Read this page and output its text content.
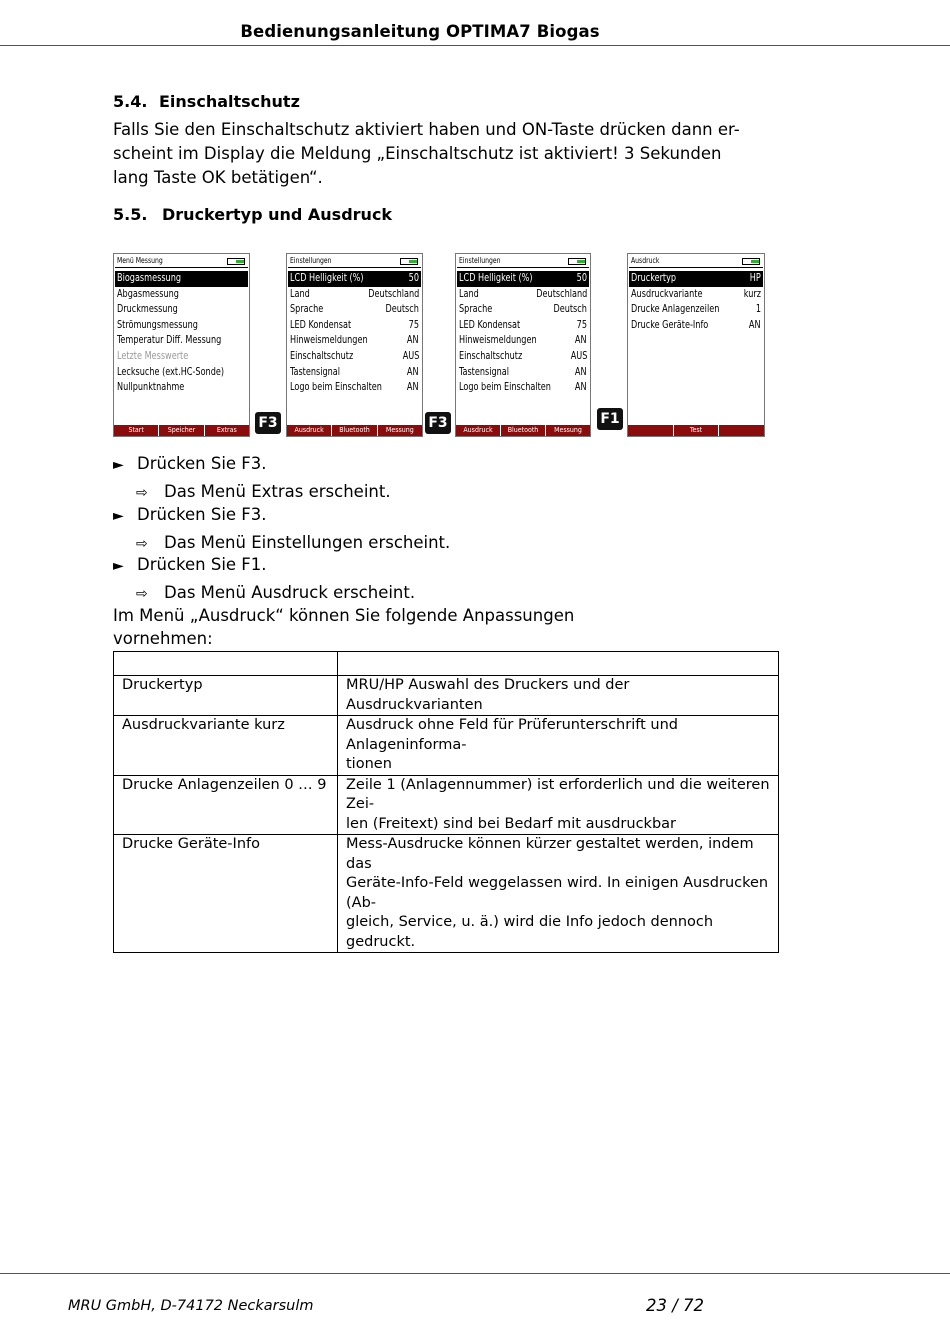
Bedienungsanleitung OPTIMA7 Biogas
5.4. Einschaltschutz
Falls Sie den Einschaltschutz aktiviert haben und ON-Taste drücken dann er-
scheint im Display die Meldung „Einschaltschutz ist aktiviert! 3 Sekunden
lang Taste OK betätigen“.
5.5. Druckertyp und Ausdruck
Menü Messung
Biogasmessung
Abgasmessung
Druckmessung
Strömungsmessung
Temperatur Diff. Messung
Letzte Messwerte
Lecksuche (ext.HC-Sonde)
Nullpunktnahme
Start	Speicher	Extras
Einstellungen
LCD Helligkeit (%)	50
Land	Deutschland
Sprache	Deutsch
LED Kondensat	75
Hinweismeldungen	AN
Einschaltschutz	AUS
Tastensignal	AN
Logo beim Einschalten AN
Ausdruck	Bluetooth	Messung
Einstellungen
LCD Helligkeit (%)	50
Land	Deutschland
Sprache	Deutsch
LED Kondensat	75
Hinweismeldungen	AN
Einschaltschutz	AUS
Tastensignal	AN
Logo beim Einschalten AN
Ausdruck	Bluetooth	Messung
Ausdruck
Druckertyp	HP
Ausdruckvariante	kurz
Drucke Anlagenzeilen	1
Drucke Geräte-Info	AN
Test
F3	F3	F1
► Drücken Sie F3.
⇨ Das Menü Extras erscheint.
► Drücken Sie F3.
⇨ Das Menü Einstellungen erscheint.
► Drücken Sie F1.
⇨ Das Menü Ausdruck erscheint.
Im Menü „Ausdruck“ können Sie folgende Anpassungen
vornehmen:

Druckertyp	MRU/HP Auswahl des Druckers und der Ausdruckvarianten

Ausdruckvariante kurz	Ausdruck ohne Feld für Prüferunterschrift und Anlageninforma-
tionen

Drucke Anlagenzeilen 0 … 9	Zeile 1 (Anlagennummer) ist erforderlich und die weiteren Zei-
len (Freitext) sind bei Bedarf mit ausdruckbar

Drucke Geräte-Info	Mess-Ausdrucke können kürzer gestaltet werden, indem das
Geräte-Info-Feld weggelassen wird. In einigen Ausdrucken (Ab-
gleich, Service, u. ä.) wird die Info jedoch dennoch gedruckt.
MRU GmbH, D-74172 Neckarsulm	23 / 72
